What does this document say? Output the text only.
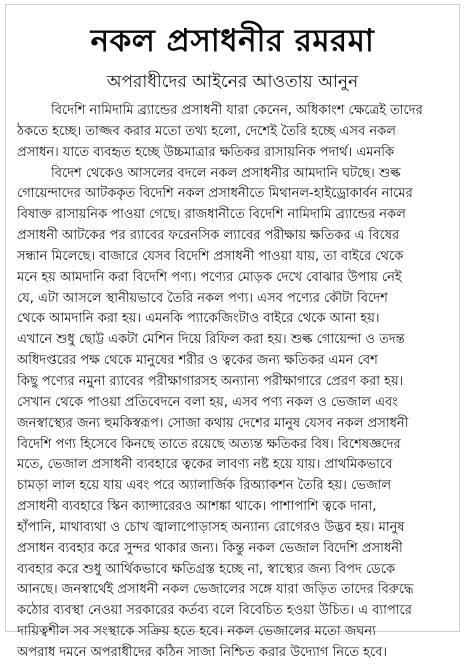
নকল প্রসাধনীর রমরমা
অপরাধীদের আইনের আওতায় আনুন
বিদেশি নামিদামি ব্র্যান্ডের প্রসাধনী যারা কেনেন, অধিকাংশ ক্ষেত্রেই তাদের
ঠকতে হচ্ছে। তাজ্জব করার মতো তথ্য হলো, দেশেই তৈরি হচ্ছে এসব নকল
প্রসাধন। যাতে ব্যবহৃত হচ্ছে উচ্চমাত্রার ক্ষতিকর রাসায়নিক পদার্থ। এমনকি
বিদেশ থেকেও আসলের বদলে নকল প্রসাধনীর আমদানি ঘটছে। শুল্ক
গোয়েন্দাদের আটককৃত বিদেশি নকল প্রসাধনীতে মিথানল-হাইড্রোকার্বন নামের
বিষাক্ত রাসায়নিক পাওয়া গেছে। রাজধানীতে বিদেশি নামিদামি ব্র্যান্ডের নকল
প্রসাধনী আটকের পর র‌্যাবের ফরেনসিক ল্যাবের পরীক্ষায় ক্ষতিকর এ বিষের
সন্ধান মিলেছে। বাজারে যেসব বিদেশি প্রসাধনী পাওয়া যায়, তা বাইরে থেকে
মনে হয় আমদানি করা বিদেশি পণ্য। পণ্যের মোড়ক দেখে বোঝার উপায় নেই
যে, এটা আসলে স্থানীয়ভাবে তৈরি নকল পণ্য। এসব পণ্যের কৌটা বিদেশ
থেকে আমদানি করা হয়। এমনকি প্যাকেজিংটাও বাইরে থেকে আনা হয়।
এখানে শুধু ছোট্ট একটা মেশিন দিয়ে রিফিল করা হয়। শুল্ক গোয়েন্দা ও তদন্ত
অধিদপ্তরের পক্ষ থেকে মানুষের শরীর ও ত্বকের জন্য ক্ষতিকর এমন বেশ
কিছু পণ্যের নমুনা র‌্যাবের পরীক্ষাগারসহ অন্যান্য পরীক্ষাগারে প্রেরণ করা হয়।
সেখান থেকে পাওয়া প্রতিবেদনে বলা হয়, এসব পণ্য নকল ও ভেজাল এবং
জনস্বাস্থ্যের জন্য হুমকিস্বরূপ। সোজা কথায় দেশের মানুষ যেসব নকল প্রসাধনী
বিদেশি পণ্য হিসেবে কিনছে তাতে রয়েছে অত্যন্ত ক্ষতিকর বিষ। বিশেষজ্ঞদের
মতে, ভেজাল প্রসাধনী ব্যবহারে ত্বকের লাবণ্য নষ্ট হয়ে যায়। প্রাথমিকভাবে
চামড়া লাল হয়ে যায় এবং পরে অ্যালার্জিক রিঅ্যাকশন তৈরি হয়। ভেজাল
প্রসাধনী ব্যবহারে স্কিন ক্যান্সারেরও আশঙ্কা থাকে। পাশাপাশি ত্বকে দানা,
হাঁপানি, মাথাব্যথা ও চোখ জ্বালাপোড়াসহ অন্যান্য রোগেরও উদ্ভব হয়। মানুষ
প্রসাধন ব্যবহার করে সুন্দর থাকার জন্য। কিন্তু নকল ভেজাল বিদেশি প্রসাধনী
ব্যবহার করে শুধু আর্থিকভাবে ক্ষতিগ্রস্ত হচ্ছে না, স্বাস্থ্যের জন্য বিপদ ডেকে
আনছে। জনস্বার্থেই প্রসাধনী নকল ভেজালের সঙ্গে যারা জড়িত তাদের বিরুদ্ধে
কঠোর ব্যবস্থা নেওয়া সরকারের কর্তব্য বলে বিবেচিত হওয়া উচিত। এ ব্যাপারে
দায়িত্বশীল সব সংস্থাকে সক্রিয় হতে হবে। নকল ভেজালের মতো জঘন্য
অপরাধ দমনে অপরাধীদের কঠিন সাজা নিশ্চিত করার উদ্যোগ নিতে হবে।
